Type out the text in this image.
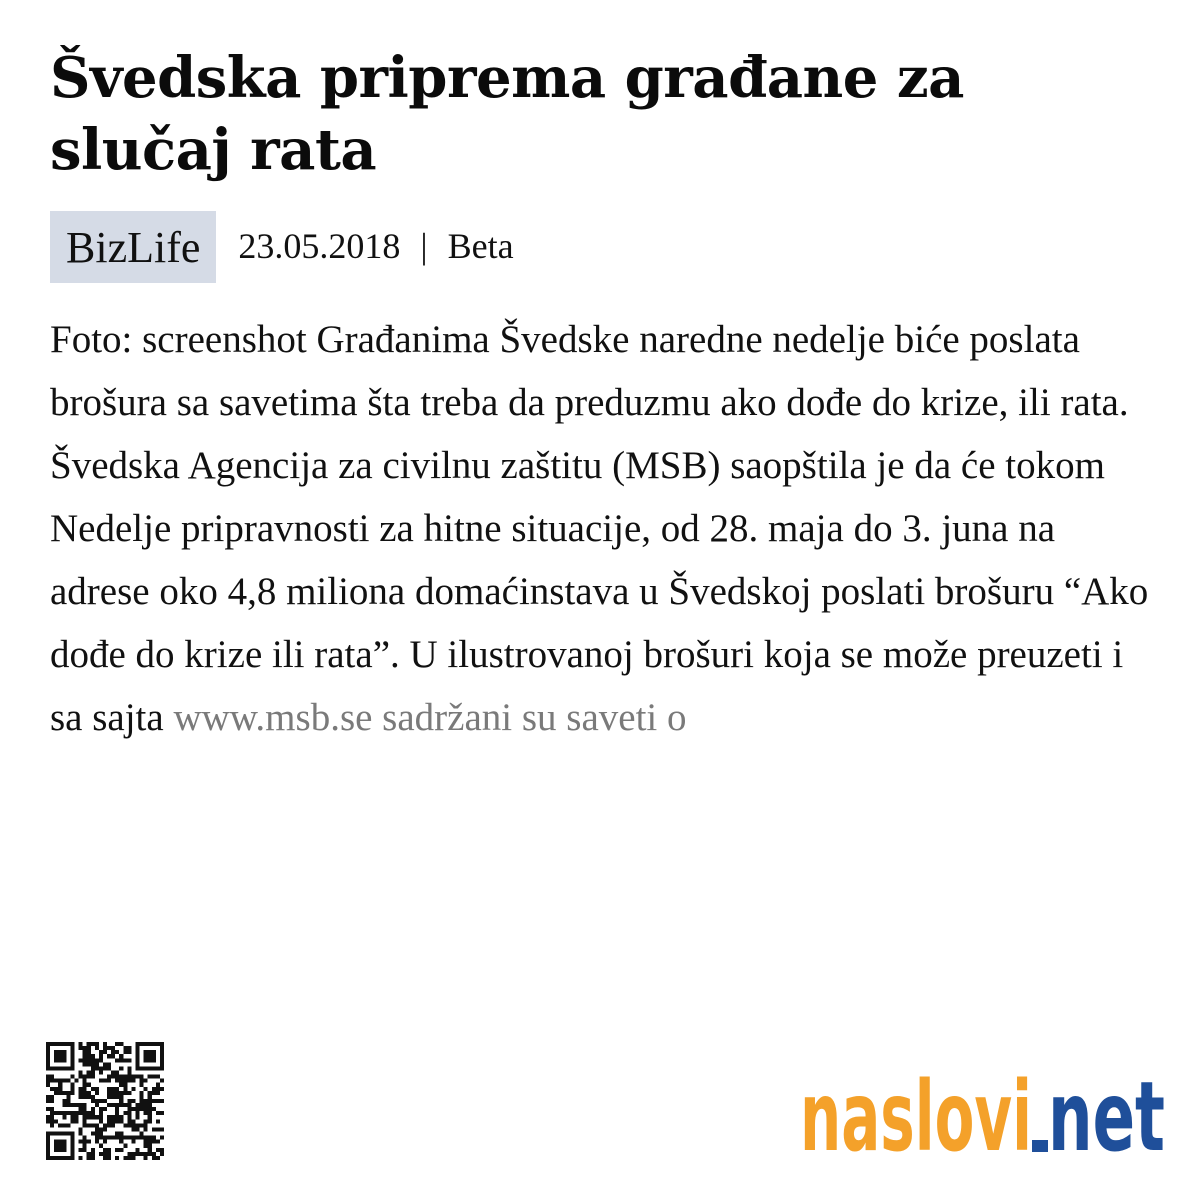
Švedska priprema građane za slučaj rata
BizLife	23.05.2018 | Beta

Foto: screenshot Građanima Švedske naredne nedelje biće poslata brošura sa savetima šta treba da preduzmu ako dođe do krize, ili rata. Švedska Agencija za civilnu zaštitu (MSB) saopštila je da će tokom Nedelje pripravnosti za hitne situacije, od 28. maja do 3. juna na adrese oko 4,8 miliona domaćinstava u Švedskoj poslati brošuru “Ako dođe do krize ili rata”. U ilustrovanoj brošuri koja se može preuzeti i sa sajta www.msb.se sadržani su saveti o

naslovi net
